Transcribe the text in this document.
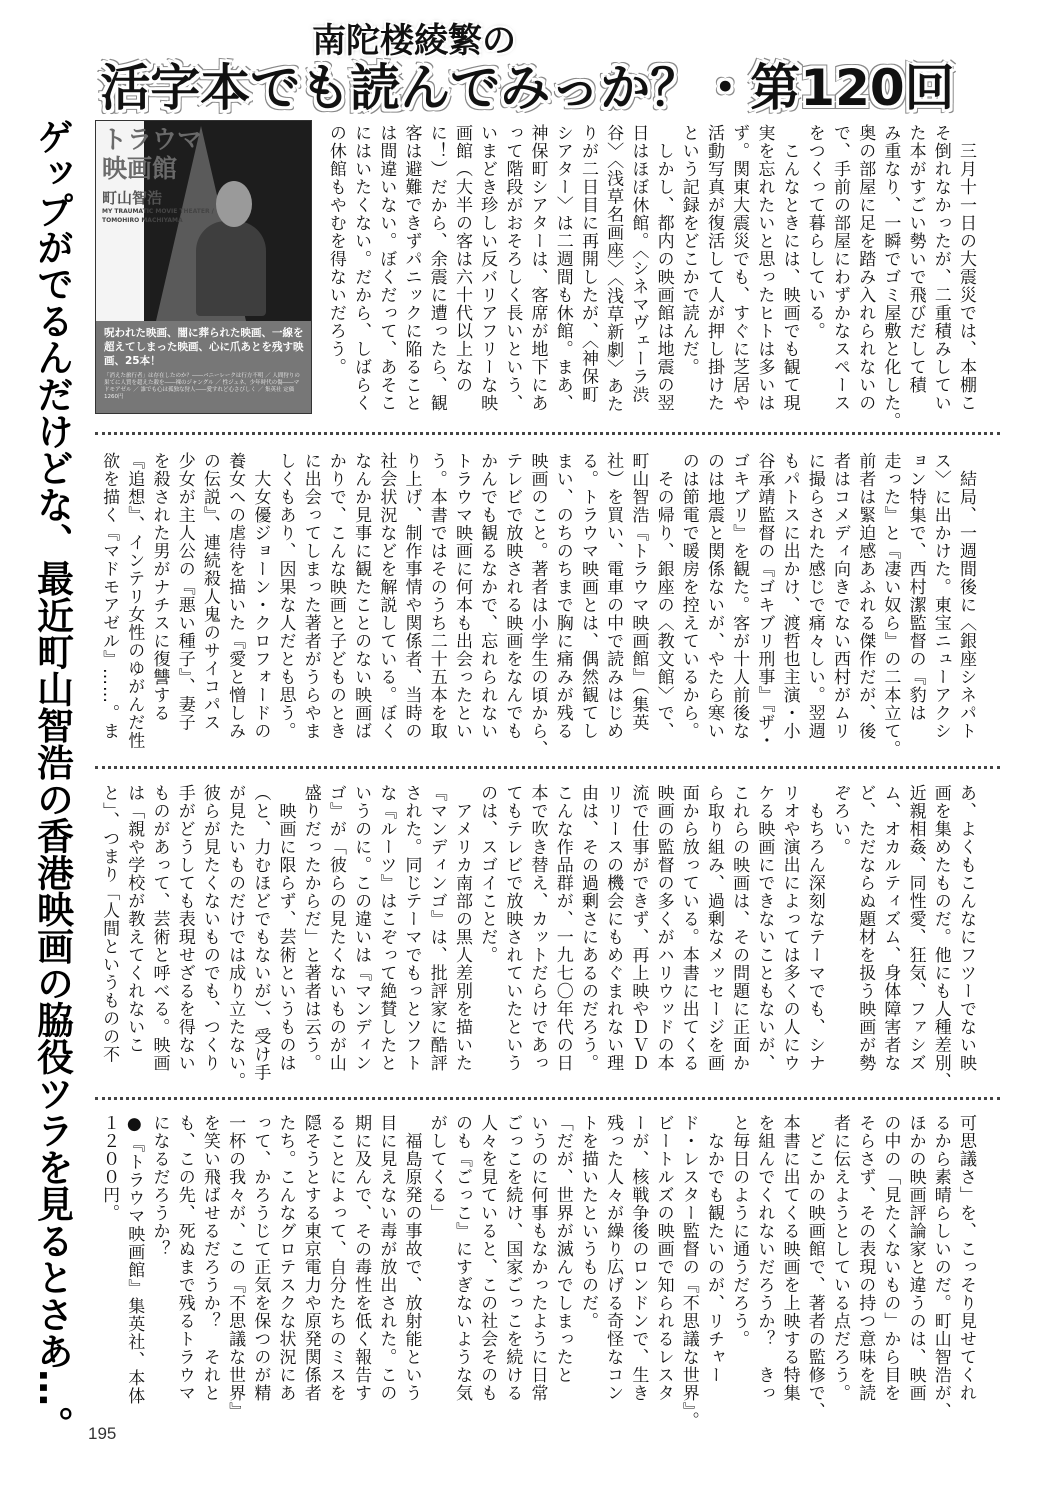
南陀楼綾繁の
活字本でも読んでみっか？・第120回
ゲップがでるんだけどな、最近町山智浩の香港映画の脇役ツラを見るとさあ…。	トラウマ映画館
町山智浩
MY TRAUMATIC MOVIE THEATER / TOMOHIRO MACHIYAMA
呪われた映画、闇に葬られた映画、一線を超えてしまった映画、心に爪あとを残す映画、25本！
「消えた旅行者」は存在したのか？――バニーレークは行方不明 ／ 人間狩りの果てに人質を超えた殺を――裸のジャングル ／ 性ジェネ、少年時代の傷――マドモアゼル ／ 誰でも心は孤独な狩人――愛すれど心さびしく ／ 集英社 定価1260円	　三月十一日の大震災では、本棚こ
そ倒れなかったが、二重積みしてい
た本がすごい勢いで飛びだして積
み重なり、一瞬でゴミ屋敷と化した。
奥の部屋に足を踏み入れられないの
で、手前の部屋にわずかなスペース
をつくって暮らしている。
　こんなときには、映画でも観て現
実を忘れたいと思ったヒトは多いは
ず。関東大震災でも、すぐに芝居や
活動写真が復活して人が押し掛けた
という記録をどこかで読んだ。
　しかし、都内の映画館は地震の翌
日はほぼ休館。〈シネマヴェーラ渋
谷〉〈浅草名画座〉〈浅草新劇〉あた
りが二日目に再開したが、〈神保町
シアター〉は二週間も休館。まあ、
神保町シアターは、客席が地下にあ
って階段がおそろしく長いという、
いまどき珍しい反バリアフリーな映
画館（大半の客は六十代以上なの
に！）だから、余震に遭ったら、観
客は避難できずパニックに陥ること
は間違いない。ぼくだって、あそこ
にはいたくない。だから、しばらく
の休館もやむを得ないだろう。
　結局、一週間後に〈銀座シネパト
ス〉に出かけた。東宝ニューアクシ
ョン特集で、西村潔監督の『豹は
走った』と『凄い奴ら』の二本立て。
前者は緊迫感あふれる傑作だが、後
者はコメディ向きでない西村がムリ
に撮らされた感じで痛々しい。翌週
もパトスに出かけ、渡哲也主演・小
谷承靖監督の『ゴキブリ刑事』『ザ・
ゴキブリ』を観た。客が十人前後な
のは地震と関係ないが、やたら寒い
のは節電で暖房を控えているから。
　その帰り、銀座の〈教文館〉で、
町山智浩『トラウマ映画館』（集英
社）を買い、電車の中で読みはじめ
る。トラウマ映画とは、偶然観てし
まい、のちのちまで胸に痛みが残る
映画のこと。著者は小学生の頃から、
テレビで放映される映画をなんでも
かんでも観るなかで、忘れられない
トラウマ映画に何本も出会ったとい
う。本書ではそのうち二十五本を取
り上げ、制作事情や関係者、当時の
社会状況などを解説している。ぼく
なんか見事に観たことのない映画ば
かりで、こんな映画と子どものとき
に出会ってしまった著者がうらやま
しくもあり、因果な人だとも思う。
　大女優ジョーン・クロフォードの
養女への虐待を描いた『愛と憎しみ
の伝説』、連続殺人鬼のサイコパス
少女が主人公の『悪い種子』、妻子
を殺された男がナチスに復讐する
『追想』、インテリ女性のゆがんだ性
欲を描く『マドモアゼル』……。ま
あ、よくもこんなにフツーでない映
画を集めたものだ。他にも人種差別、
近親相姦、同性愛、狂気、ファシズ
ム、オカルティズム、身体障害者な
ど、ただならぬ題材を扱う映画が勢
ぞろい。
　もちろん深刻なテーマでも、シナ
リオや演出によっては多くの人にウ
ケる映画にできないこともないが、
これらの映画は、その問題に正面か
ら取り組み、過剰なメッセージを画
面から放っている。本書に出てくる
映画の監督の多くがハリウッドの本
流で仕事ができず、再上映やＤＶＤ
リリースの機会にもめぐまれない理
由は、その過剰さにあるのだろう。
こんな作品群が、一九七〇年代の日
本で吹き替え、カットだらけであっ
てもテレビで放映されていたという
のは、スゴイことだ。
　アメリカ南部の黒人差別を描いた
『マンディンゴ』は、批評家に酷評
された。同じテーマでもっとソフト
な『ルーツ』はこぞって絶賛したと
いうのに。この違いは『マンディン
ゴ』が「彼らの見たくないものが山
盛りだったからだ」と著者は云う。
　映画に限らず、芸術というものは
（と、力むほどでもないが）、受け手
が見たいものだけでは成り立たない。
彼らが見たくないものでも、つくり
手がどうしても表現せざるを得ない
ものがあって、芸術と呼べる。映画
は「親や学校が教えてくれないこ
と」、つまり「人間というものの不
可思議さ」を、こっそり見せてくれ
るから素晴らしいのだ。町山智浩が、
ほかの映画評論家と違うのは、映画
の中の「見たくないもの」から目を
そらさず、その表現の持つ意味を読
者に伝えようとしている点だろう。
　どこかの映画館で、著者の監修で、
本書に出てくる映画を上映する特集
を組んでくれないだろうか？　きっ
と毎日のように通うだろう。
　なかでも観たいのが、リチャー
ド・レスター監督の『不思議な世界』。
ビートルズの映画で知られるレスタ
ーが、核戦争後のロンドンで、生き
残った人々が繰り広げる奇怪なコン
トを描いたというものだ。
「だが、世界が滅んでしまったと
いうのに何事もなかったように日常
ごっこを続け、国家ごっこを続ける
人々を見ていると、この社会そのも
のも『ごっこ』にすぎないような気
がしてくる」
　福島原発の事故で、放射能という
目に見えない毒が放出された。この
期に及んで、その毒性を低く報告す
ることによって、自分たちのミスを
隠そうとする東京電力や原発関係者
たち。こんなグロテスクな状況にあ
って、かろうじて正気を保つのが精
一杯の我々が、この『不思議な世界』
を笑い飛ばせるだろうか？　それと
も、この先、死ぬまで残るトラウマ
になるだろうか？
●『トラウマ映画館』集英社、本体
１２００円。
195
